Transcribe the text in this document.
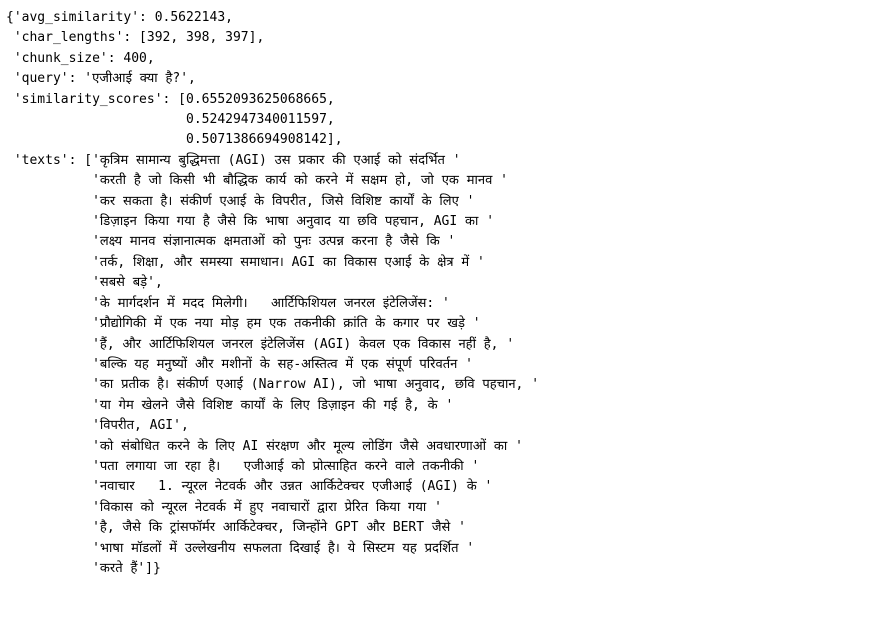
{'avg_similarity': 0.5622143,
'char_lengths': [392, 398, 397],
'chunk_size': 400,
'query': 'एजीआई क्या है?',
'similarity_scores': [0.6552093625068665,
0.5242947340011597,
0.5071386694908142],
'texts': ['कृत्रिम सामान्य बुद्धिमत्ता (AGI) उस प्रकार की एआई को संदर्भित '
'करती है जो किसी भी बौद्धिक कार्य को करने में सक्षम हो, जो एक मानव '
'कर सकता है। संकीर्ण एआई के विपरीत, जिसे विशिष्ट कार्यों के लिए '
'डिज़ाइन किया गया है जैसे कि भाषा अनुवाद या छवि पहचान, AGI का '
'लक्ष्य मानव संज्ञानात्मक क्षमताओं को पुनः उत्पन्न करना है जैसे कि '
'तर्क, शिक्षा, और समस्या समाधान। AGI का विकास एआई के क्षेत्र में '
'सबसे बड़े',
'के मार्गदर्शन में मदद मिलेगी।   आर्टिफिशियल जनरल इंटेलिजेंस: '
'प्रौद्योगिकी में एक नया मोड़ हम एक तकनीकी क्रांति के कगार पर खड़े '
'हैं, और आर्टिफिशियल जनरल इंटेलिजेंस (AGI) केवल एक विकास नहीं है, '
'बल्कि यह मनुष्यों और मशीनों के सह-अस्तित्व में एक संपूर्ण परिवर्तन '
'का प्रतीक है। संकीर्ण एआई (Narrow AI), जो भाषा अनुवाद, छवि पहचान, '
'या गेम खेलने जैसे विशिष्ट कार्यों के लिए डिज़ाइन की गई है, के '
'विपरीत, AGI',
'को संबोधित करने के लिए AI संरक्षण और मूल्य लोडिंग जैसे अवधारणाओं का '
'पता लगाया जा रहा है।   एजीआई को प्रोत्साहित करने वाले तकनीकी '
'नवाचार   1. न्यूरल नेटवर्क और उन्नत आर्किटेक्चर एजीआई (AGI) के '
'विकास को न्यूरल नेटवर्क में हुए नवाचारों द्वारा प्रेरित किया गया '
'है, जैसे कि ट्रांसफॉर्मर आर्किटेक्चर, जिन्होंने GPT और BERT जैसे '
'भाषा मॉडलों में उल्लेखनीय सफलता दिखाई है। ये सिस्टम यह प्रदर्शित '
'करते हैं']}
